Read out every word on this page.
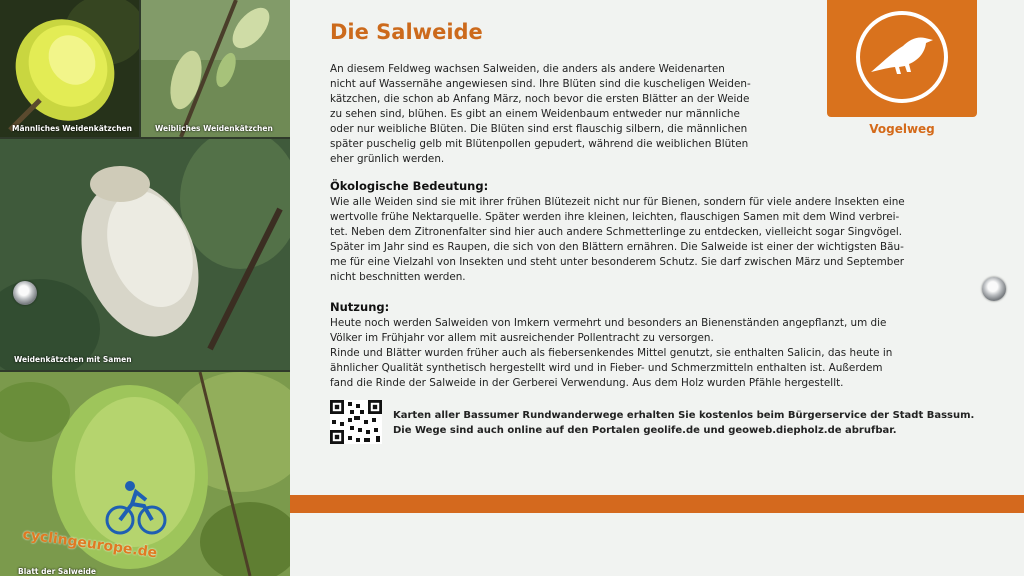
Männliches Weidenkätzchen	Weibliches Weidenkätzchen
Weidenkätzchen mit Samen
Blatt der Salweide
cyclingeurope.de
Die Salweide
An diesem Feldweg wachsen Salweiden, die anders als andere Weidenarten
nicht auf Wassernähe angewiesen sind. Ihre Blüten sind die kuscheligen Weiden-
kätzchen, die schon ab Anfang März, noch bevor die ersten Blätter an der Weide
zu sehen sind, blühen. Es gibt an einem Weidenbaum entweder nur männliche
oder nur weibliche Blüten. Die Blüten sind erst flauschig silbern, die männlichen
später puschelig gelb mit Blütenpollen gepudert, während die weiblichen Blüten
eher grünlich werden.
Ökologische Bedeutung:
Wie alle Weiden sind sie mit ihrer frühen Blütezeit nicht nur für Bienen, sondern für viele andere Insekten eine
wertvolle frühe Nektarquelle. Später werden ihre kleinen, leichten, flauschigen Samen mit dem Wind verbrei-
tet. Neben dem Zitronenfalter sind hier auch andere Schmetterlinge zu entdecken, vielleicht sogar Singvögel.
Später im Jahr sind es Raupen, die sich von den Blättern ernähren. Die Salweide ist einer der wichtigsten Bäu-
me für eine Vielzahl von Insekten und steht unter besonderem Schutz. Sie darf zwischen März und September
nicht beschnitten werden.
Nutzung:
Heute noch werden Salweiden von Imkern vermehrt und besonders an Bienenständen angepflanzt, um die
Völker im Frühjahr vor allem mit ausreichender Pollentracht zu versorgen.
Rinde und Blätter wurden früher auch als fiebersenkendes Mittel genutzt, sie enthalten Salicin, das heute in
ähnlicher Qualität synthetisch hergestellt wird und in Fieber- und Schmerzmitteln enthalten ist. Außerdem
fand die Rinde der Salweide in der Gerberei Verwendung. Aus dem Holz wurden Pfähle hergestellt.
Karten aller Bassumer Rundwanderwege erhalten Sie kostenlos beim Bürgerservice der Stadt Bassum.
Die Wege sind auch online auf den Portalen geolife.de und geoweb.diepholz.de abrufbar.
Vogelweg
